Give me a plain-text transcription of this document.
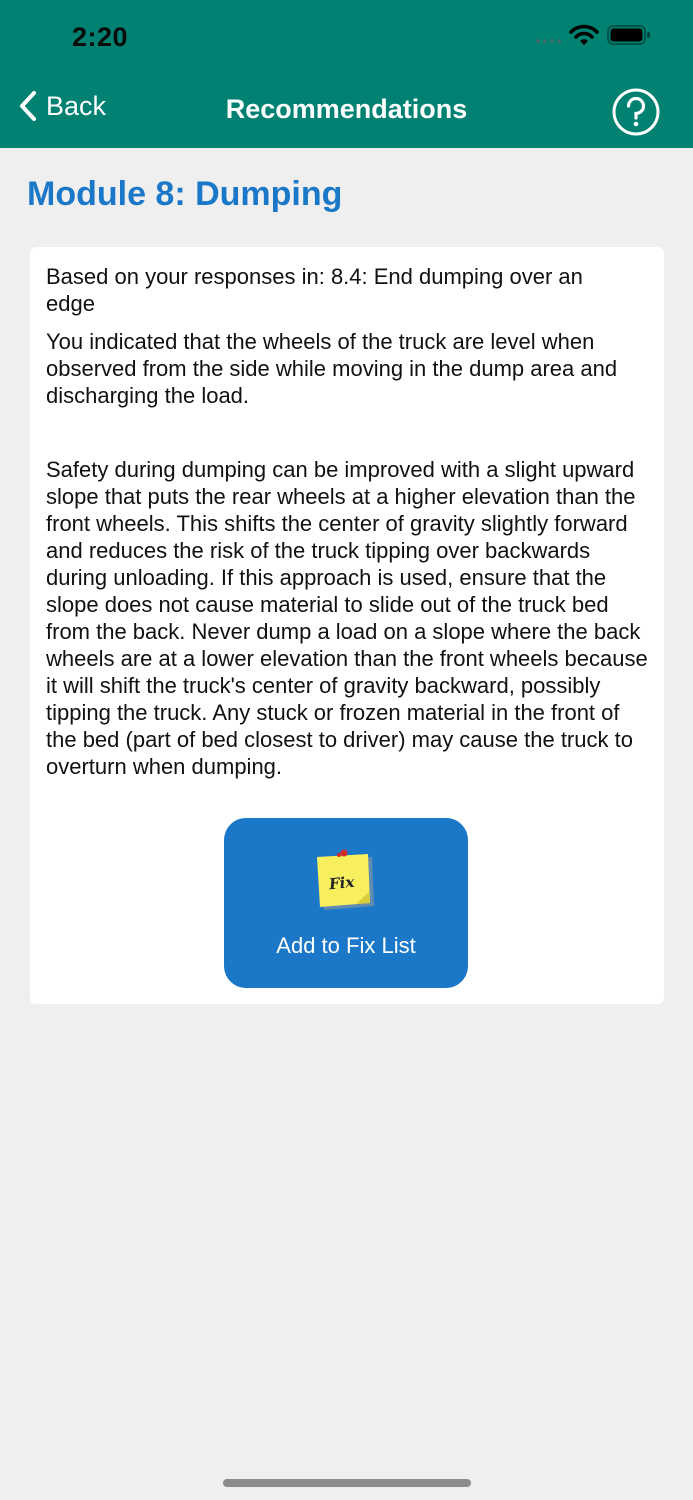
2:20
Back	Recommendations
Module 8: Dumping

Based on your responses in: 8.4: End dumping over an edge

You indicated that the wheels of the truck are level when observed from the side while moving in the dump area and discharging the load.

Safety during dumping can be improved with a slight upward slope that puts the rear wheels at a higher elevation than the front wheels. This shifts the center of gravity slightly forward and reduces the risk of the truck tipping over backwards during unloading. If this approach is used, ensure that the slope does not cause material to slide out of the truck bed from the back. Never dump a load on a slope where the back wheels are at a lower elevation than the front wheels because it will shift the truck's center of gravity backward, possibly tipping the truck. Any stuck or frozen material in the front of the bed (part of bed closest to driver) may cause the truck to overturn when dumping.

Fix
Add to Fix List
